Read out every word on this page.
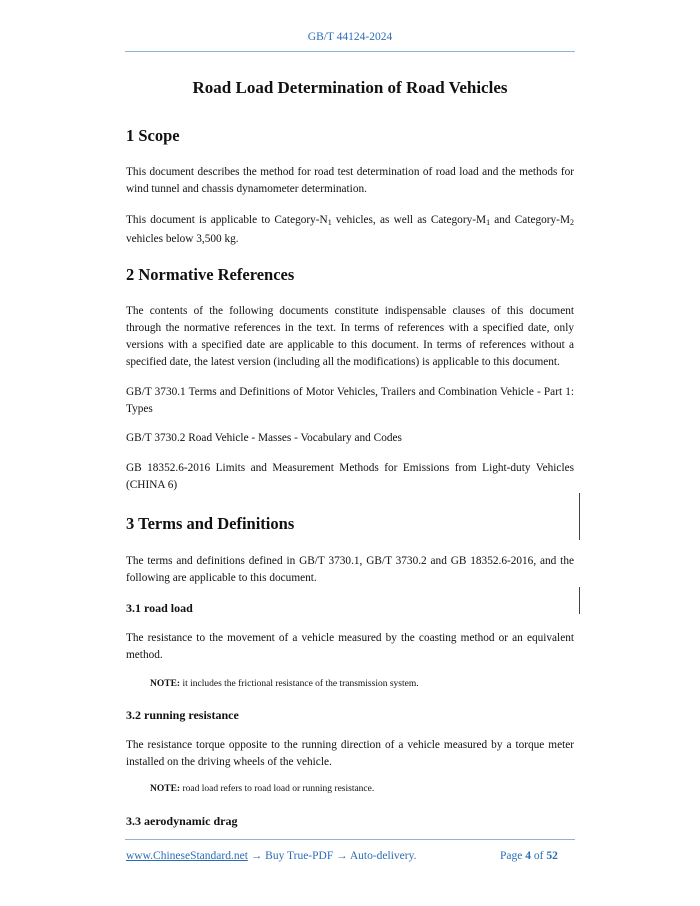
GB/T 44124-2024
Road Load Determination of Road Vehicles
1 Scope

This document describes the method for road test determination of road load and the methods for wind tunnel and chassis dynamometer determination.

This document is applicable to Category-$N_1$ vehicles, as well as Category-$M_1$ and Category-$M_2$ vehicles below 3,500 kg.

2 Normative References

The contents of the following documents constitute indispensable clauses of this document through the normative references in the text. In terms of references with a specified date, only versions with a specified date are applicable to this document. In terms of references without a specified date, the latest version (including all the modifications) is applicable to this document.

GB/T 3730.1 Terms and Definitions of Motor Vehicles, Trailers and Combination Vehicle - Part 1: Types

GB/T 3730.2 Road Vehicle - Masses - Vocabulary and Codes

GB 18352.6-2016 Limits and Measurement Methods for Emissions from Light-duty Vehicles (CHINA 6)

3 Terms and Definitions

The terms and definitions defined in GB/T 3730.1, GB/T 3730.2 and GB 18352.6-2016, and the following are applicable to this document.

3.1 road load

The resistance to the movement of a vehicle measured by the coasting method or an equivalent method.

NOTE: it includes the frictional resistance of the transmission system.
3.2 running resistance

The resistance torque opposite to the running direction of a vehicle measured by a torque meter installed on the driving wheels of the vehicle.

NOTE: road load refers to road load or running resistance.
3.3 aerodynamic drag
www.ChineseStandard.net → Buy True-PDF → Auto-delivery.	Page 4 of 52
